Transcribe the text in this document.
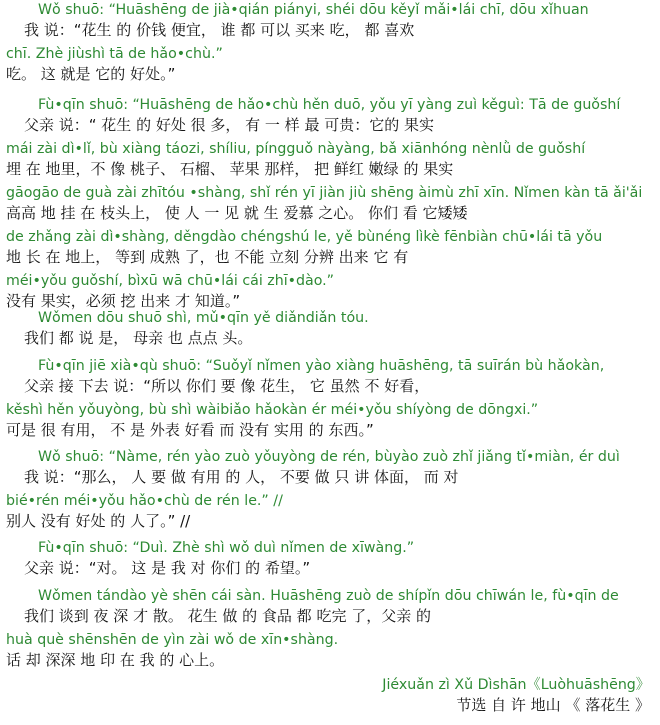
Wǒ shuō: “Huāshēng de jià•qián piányi, shéi dōu kěyǐ mǎi•lái chī, dōu xǐhuan
我 说：“花生 的 价钱 便宜， 谁 都 可以 买来 吃， 都 喜欢
chī. Zhè jiùshì tā de hǎo•chù.”
吃。 这 就是 它的 好处。”
Fù•qīn shuō: “Huāshēng de hǎo•chù hěn duō, yǒu yī yàng zuì kěguì: Tā de guǒshí
父亲 说：“ 花生 的 好处 很 多， 有 一 样 最 可贵：它的 果实
mái zài dì•lǐ, bù xiàng táozi, shíliu, píngguǒ nàyàng, bǎ xiānhóng nènlǜ de guǒshí
埋 在 地里，不 像 桃子、 石榴、 苹果 那样， 把 鲜红 嫩绿 的 果实
gāogāo de guà zài zhītóu •shàng, shǐ rén yī jiàn jiù shēng àimù zhī xīn. Nǐmen kàn tā ǎi'ǎi
高高 地 挂 在 枝头上， 使 人 一 见 就 生 爱慕 之心。 你们 看 它矮矮
de zhǎng zài dì•shàng, děngdào chéngshú le, yě bùnéng lìkè fēnbiàn chū•lái tā yǒu
地 长 在 地上， 等到 成熟 了，也 不能 立刻 分辨 出来 它 有
méi•yǒu guǒshí, bìxū wā chū•lái cái zhī•dào.”
没有 果实，必须 挖 出来 才 知道。”
Wǒmen dōu shuō shì, mǔ•qīn yě diǎndiǎn tóu.
我们 都 说 是， 母亲 也 点点 头。
Fù•qīn jiē xià•qù shuō: “Suǒyǐ nǐmen yào xiàng huāshēng, tā suīrán bù hǎokàn,
父亲 接 下去 说：“所以 你们 要 像 花生， 它 虽然 不 好看，
kěshì hěn yǒuyòng, bù shì wàibiǎo hǎokàn ér méi•yǒu shíyòng de dōngxi.”
可是 很 有用， 不 是 外表 好看 而 没有 实用 的 东西。”
Wǒ shuō: “Nàme, rén yào zuò yǒuyòng de rén, bùyào zuò zhǐ jiǎng tǐ•miàn, ér duì
我 说：“那么， 人 要 做 有用 的 人， 不要 做 只 讲 体面， 而 对
bié•rén méi•yǒu hǎo•chù de rén le.” //
别人 没有 好处 的 人了。” //
Fù•qīn shuō: “Duì. Zhè shì wǒ duì nǐmen de xīwàng.”
父亲 说：“对。 这 是 我 对 你们 的 希望。”
Wǒmen tándào yè shēn cái sàn. Huāshēng zuò de shípǐn dōu chīwán le, fù•qīn de
我们 谈到 夜 深 才 散。 花生 做 的 食品 都 吃完 了，父亲 的
huà què shēnshēn de yìn zài wǒ de xīn•shàng.
话 却 深深 地 印 在 我 的 心上。
Jiéxuǎn zì Xǔ Dìshān《Luòhuāshēng》
节选 自 许 地山 《 落花生 》
